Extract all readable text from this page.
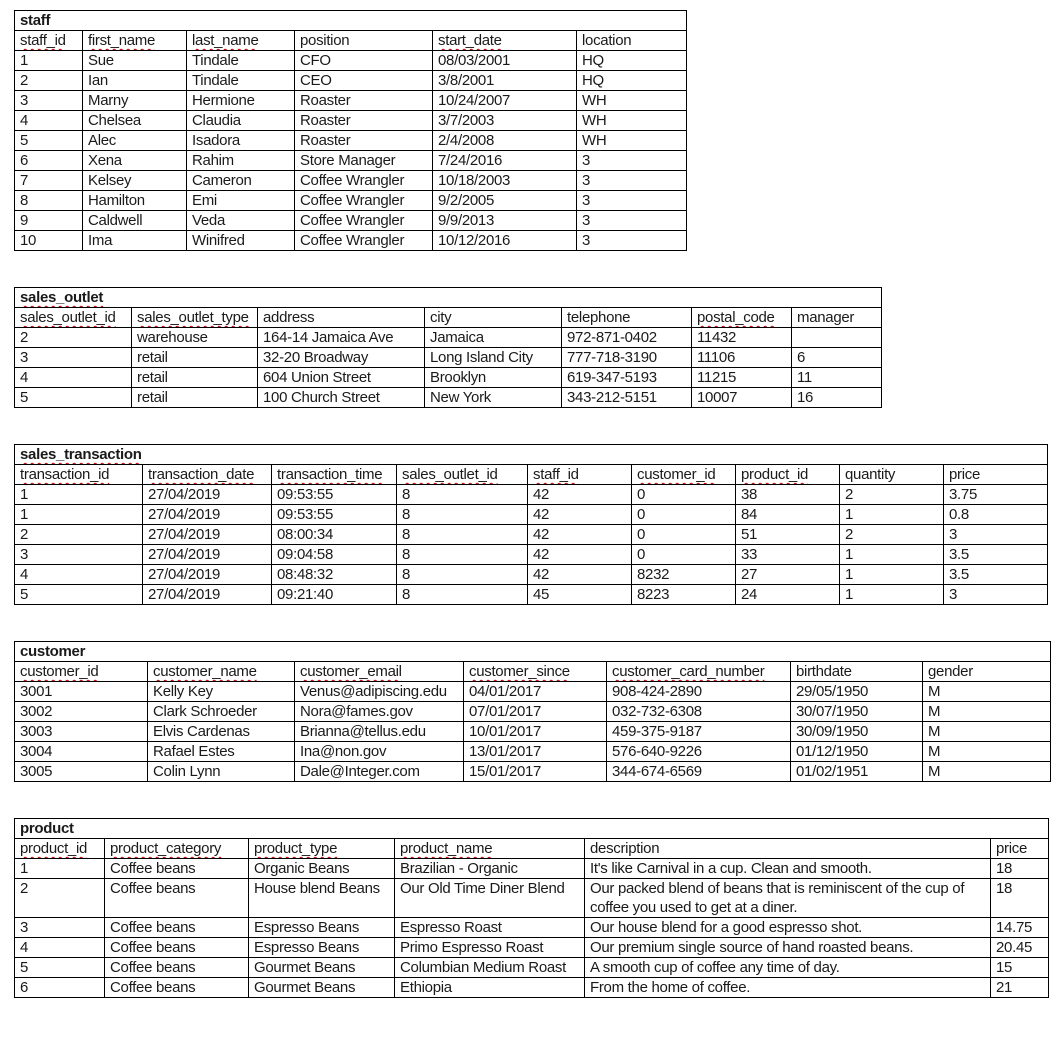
staff					
staff_id	first_name	last_name	position	start_date	location
1	Sue	Tindale	CFO	08/03/2001	HQ
2	Ian	Tindale	CEO	3/8/2001	HQ
3	Marny	Hermione	Roaster	10/24/2007	WH
4	Chelsea	Claudia	Roaster	3/7/2003	WH
5	Alec	Isadora	Roaster	2/4/2008	WH
6	Xena	Rahim	Store Manager	7/24/2016	3
7	Kelsey	Cameron	Coffee Wrangler	10/18/2003	3
8	Hamilton	Emi	Coffee Wrangler	9/2/2005	3
9	Caldwell	Veda	Coffee Wrangler	9/9/2013	3
10	Ima	Winifred	Coffee Wrangler	10/12/2016	3
sales_outlet						
sales_outlet_id	sales_outlet_type	address	city	telephone	postal_code	manager
2	warehouse	164-14 Jamaica Ave	Jamaica	972-871-0402	11432	
3	retail	32-20 Broadway	Long Island City	777-718-3190	11106	6
4	retail	604 Union Street	Brooklyn	619-347-5193	11215	11
5	retail	100 Church Street	New York	343-212-5151	10007	16
sales_transaction								
transaction_id	transaction_date	transaction_time	sales_outlet_id	staff_id	customer_id	product_id	quantity	price
1	27/04/2019	09:53:55	8	42	0	38	2	3.75
1	27/04/2019	09:53:55	8	42	0	84	1	0.8
2	27/04/2019	08:00:34	8	42	0	51	2	3
3	27/04/2019	09:04:58	8	42	0	33	1	3.5
4	27/04/2019	08:48:32	8	42	8232	27	1	3.5
5	27/04/2019	09:21:40	8	45	8223	24	1	3
customer						
customer_id	customer_name	customer_email	customer_since	customer_card_number	birthdate	gender
3001	Kelly Key	Venus@adipiscing.edu	04/01/2017	908-424-2890	29/05/1950	M
3002	Clark Schroeder	Nora@fames.gov	07/01/2017	032-732-6308	30/07/1950	M
3003	Elvis Cardenas	Brianna@tellus.edu	10/01/2017	459-375-9187	30/09/1950	M
3004	Rafael Estes	Ina@non.gov	13/01/2017	576-640-9226	01/12/1950	M
3005	Colin Lynn	Dale@Integer.com	15/01/2017	344-674-6569	01/02/1951	M
product					
product_id	product_category	product_type	product_name	description	price
1	Coffee beans	Organic Beans	Brazilian - Organic	It's like Carnival in a cup. Clean and smooth.	18
2	Coffee beans	House blend Beans	Our Old Time Diner Blend	Our packed blend of beans that is reminiscent of the cup of coffee you used to get at a diner.	18
3	Coffee beans	Espresso Beans	Espresso Roast	Our house blend for a good espresso shot.	14.75
4	Coffee beans	Espresso Beans	Primo Espresso Roast	Our premium single source of hand roasted beans.	20.45
5	Coffee beans	Gourmet Beans	Columbian Medium Roast	A smooth cup of coffee any time of day.	15
6	Coffee beans	Gourmet Beans	Ethiopia	From the home of coffee.	21
